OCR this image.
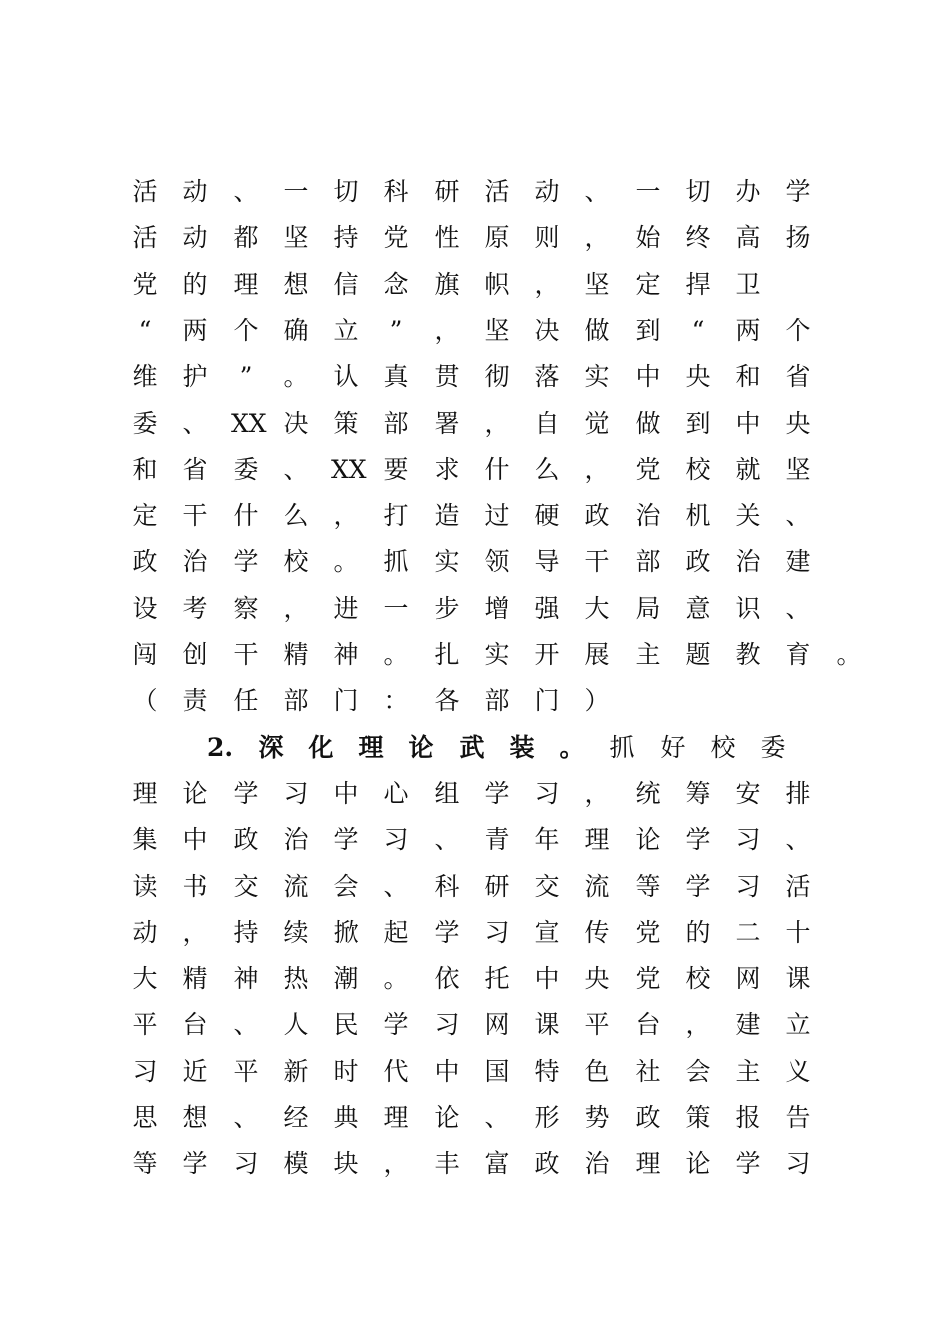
活 动 、 一 切 科 研 活 动 、 一 切 办 学
活 动 都 坚 持 党 性 原 则 ， 始 终 高 扬
党 的 理 想 信 念 旗 帜 ， 坚 定 捍 卫
“	两 个 确 立	”	， 坚 决 做 到	“	两 个
维 护	”	。 认 真 贯 彻 落 实 中 央 和 省
委 、 XX 决 策 部 署 ， 自 觉 做 到 中 央
和 省 委 、 XX 要 求 什 么 ， 党 校 就 坚
定 干 什 么 ， 打 造 过 硬 政 治 机 关 、
政 治 学 校 。 抓 实 领 导 干 部 政 治 建
设 考 察 ， 进 一 步 增 强 大 局 意 识 、
闯 创 干 精 神 。 扎 实 开 展 主 题 教 育 。
（ 责 任 部 门 ： 各 部 门 ）
2. 深 化 理 论 武 装 。 抓 好 校 委
理 论 学 习 中 心 组 学 习 ， 统 筹 安 排
集 中 政 治 学 习 、 青 年 理 论 学 习 、
读 书 交 流 会 、 科 研 交 流 等 学 习 活
动 ， 持 续 掀 起 学 习 宣 传 党 的 二 十
大 精 神 热 潮 。 依 托 中 央 党 校 网 课
平 台 、 人 民 学 习 网 课 平 台 ， 建 立
习 近 平 新 时 代 中 国 特 色 社 会 主 义
思 想 、 经 典 理 论 、 形 势 政 策 报 告
等 学 习 模 块 ， 丰 富 政 治 理 论 学 习
